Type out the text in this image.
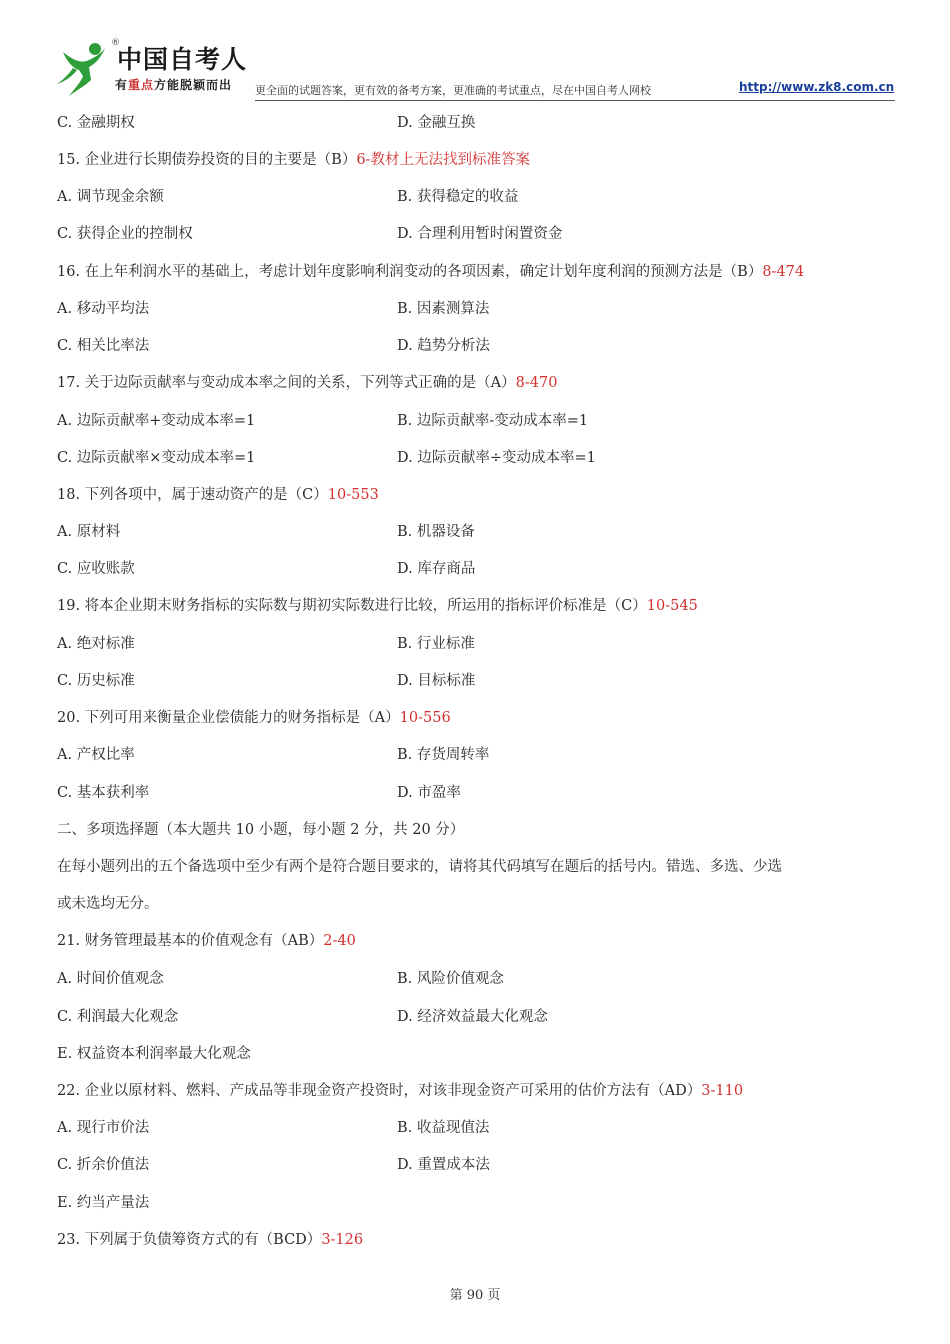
®
中国自考人
有重点方能脱颖而出 更全面的试题答案，更有效的备考方案，更准确的考试重点，尽在中国自考人网校	http://www.zk8.com.cn
C. 金融期权	D. 金融互换
15. 企业进行长期债券投资的目的主要是（B）6-教材上无法找到标准答案
A. 调节现金余额	B. 获得稳定的收益
C. 获得企业的控制权	D. 合理利用暂时闲置资金
16. 在上年利润水平的基础上，考虑计划年度影响利润变动的各项因素，确定计划年度利润的预测方法是（B）8-474
A. 移动平均法	B. 因素测算法
C. 相关比率法	D. 趋势分析法
17. 关于边际贡献率与变动成本率之间的关系，下列等式正确的是（A）8-470
A. 边际贡献率+变动成本率=1	B. 边际贡献率-变动成本率=1
C. 边际贡献率×变动成本率=1	D. 边际贡献率÷变动成本率=1
18. 下列各项中，属于速动资产的是（C）10-553
A. 原材料	B. 机器设备
C. 应收账款	D. 库存商品
19. 将本企业期末财务指标的实际数与期初实际数进行比较，所运用的指标评价标准是（C）10-545
A. 绝对标准	B. 行业标准
C. 历史标准	D. 目标标准
20. 下列可用来衡量企业偿债能力的财务指标是（A）10-556
A. 产权比率	B. 存货周转率
C. 基本获利率	D. 市盈率
二、多项选择题（本大题共 10 小题，每小题 2 分，共 20 分）
在每小题列出的五个备选项中至少有两个是符合题目要求的，请将其代码填写在题后的括号内。错选、多选、少选
或未选均无分。
21. 财务管理最基本的价值观念有（AB）2-40
A. 时间价值观念	B. 风险价值观念
C. 利润最大化观念	D. 经济效益最大化观念
E. 权益资本利润率最大化观念
22. 企业以原材料、燃料、产成品等非现金资产投资时，对该非现金资产可采用的估价方法有（AD）3-110
A. 现行市价法	B. 收益现值法
C. 折余价值法	D. 重置成本法
E. 约当产量法
23. 下列属于负债筹资方式的有（BCD）3-126
第 90 页
